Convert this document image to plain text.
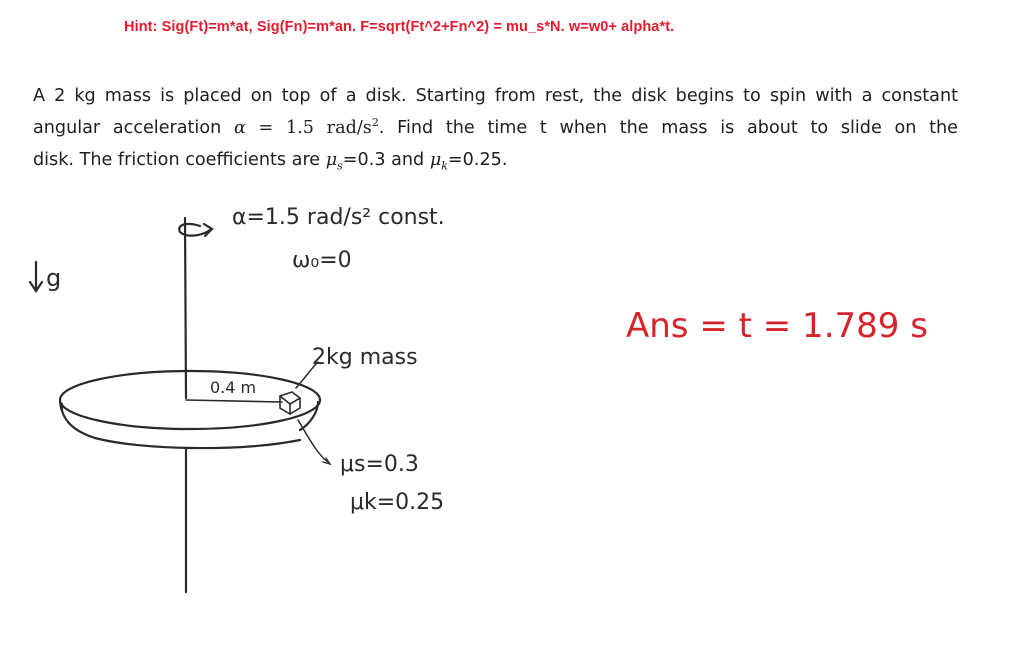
Hint: Sig(Ft)=m*at, Sig(Fn)=m*an. F=sqrt(Ft^2+Fn^2) = mu_s*N. w=w0+ alpha*t.
A 2 kg mass is placed on top of a disk. Starting from rest, the disk begins to spin with a constant
angular acceleration α = 1.5 rad/$s^2$. Find the time t when the mass is about to slide on the
disk. The friction coefficients are $\mu_s=0.3$ and $\mu_k=0.25$.
α=1.5 rad/s² const.
ω₀=0
g
0.4 m
2kg mass
μs=0.3
μk=0.25
Ans = t = 1.789 s
